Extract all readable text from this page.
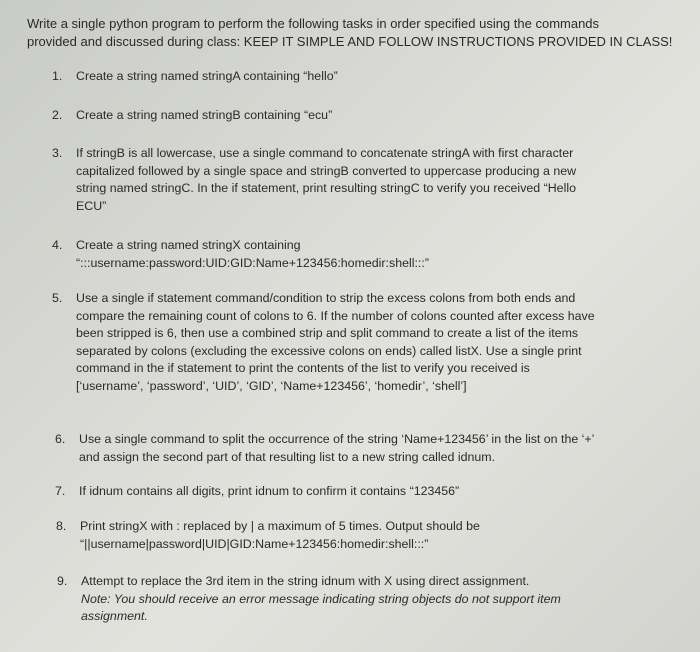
Write a single python program to perform the following tasks in order specified using the commands
provided and discussed during class: KEEP IT SIMPLE AND FOLLOW INSTRUCTIONS PROVIDED IN CLASS!
1.	Create a string named stringA containing “hello”
2.	Create a string named stringB containing “ecu”
3.	If stringB is all lowercase, use a single command to concatenate stringA with first character
capitalized followed by a single space and stringB converted to uppercase producing a new
string named stringC. In the if statement, print resulting stringC to verify you received “Hello
ECU”
4.	Create a string named stringX containing
“:::username:password:UID:GID:Name+123456:homedir:shell:::”
5.	Use a single if statement command/condition to strip the excess colons from both ends and
compare the remaining count of colons to 6. If the number of colons counted after excess have
been stripped is 6, then use a combined strip and split command to create a list of the items
separated by colons (excluding the excessive colons on ends) called listX. Use a single print
command in the if statement to print the contents of the list to verify you received is
[‘username’, ‘password’, ‘UID’, ‘GID’, ‘Name+123456’, ‘homedir’, ‘shell’]
6.	Use a single command to split the occurrence of the string ‘Name+123456’ in the list on the ‘+’
and assign the second part of that resulting list to a new string called idnum.
7.	If idnum contains all digits, print idnum to confirm it contains “123456”
8.	Print stringX with : replaced by | a maximum of 5 times. Output should be
“||username|password|UID|GID:Name+123456:homedir:shell:::”
9.	Attempt to replace the 3rd item in the string idnum with X using direct assignment.
Note: You should receive an error message indicating string objects do not support item
assignment.
